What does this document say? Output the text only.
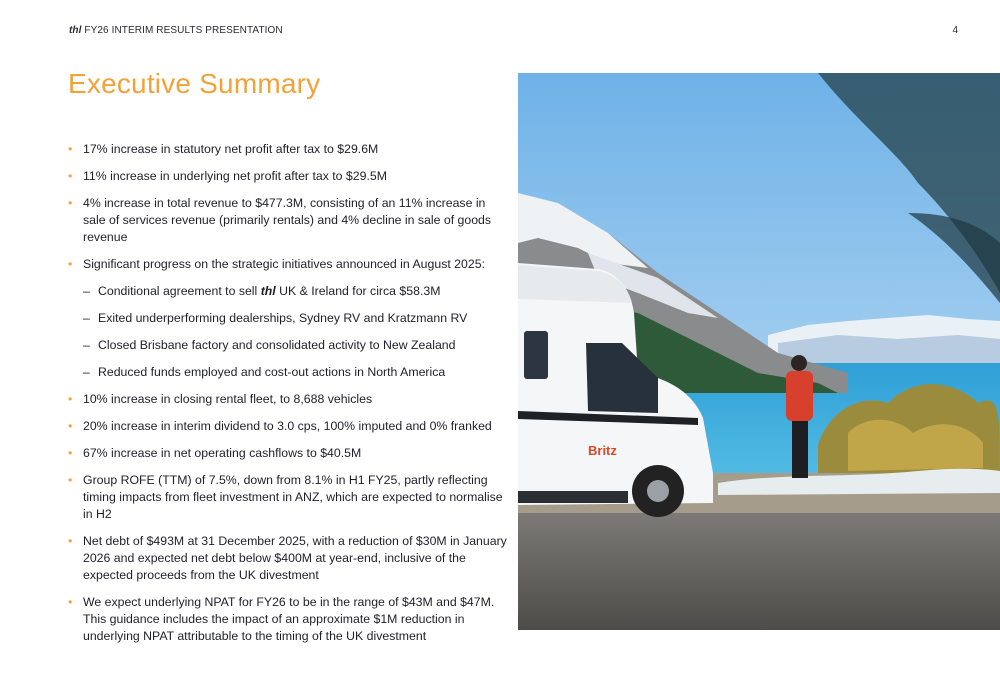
thl FY26 INTERIM RESULTS PRESENTATION	4
Executive Summary
• 17% increase in statutory net profit after tax to $29.6M
• 11% increase in underlying net profit after tax to $29.5M
• 4% increase in total revenue to $477.3M, consisting of an 11% increase in sale of services revenue (primarily rentals) and 4% decline in sale of goods revenue
• Significant progress on the strategic initiatives announced in August 2025:
– Conditional agreement to sell thl UK & Ireland for circa $58.3M
– Exited underperforming dealerships, Sydney RV and Kratzmann RV
– Closed Brisbane factory and consolidated activity to New Zealand
– Reduced funds employed and cost-out actions in North America
• 10% increase in closing rental fleet, to 8,688 vehicles
• 20% increase in interim dividend to 3.0 cps, 100% imputed and 0% franked
• 67% increase in net operating cashflows to $40.5M
• Group ROFE (TTM) of 7.5%, down from 8.1% in H1 FY25, partly reflecting timing impacts from fleet investment in ANZ, which are expected to normalise in H2
• Net debt of $493M at 31 December 2025, with a reduction of $30M in January 2026 and expected net debt below $400M at year-end, inclusive of the expected proceeds from the UK divestment
• We expect underlying NPAT for FY26 to be in the range of $43M and $47M. This guidance includes the impact of an approximate $1M reduction in underlying NPAT attributable to the timing of the UK divestment
Britz
